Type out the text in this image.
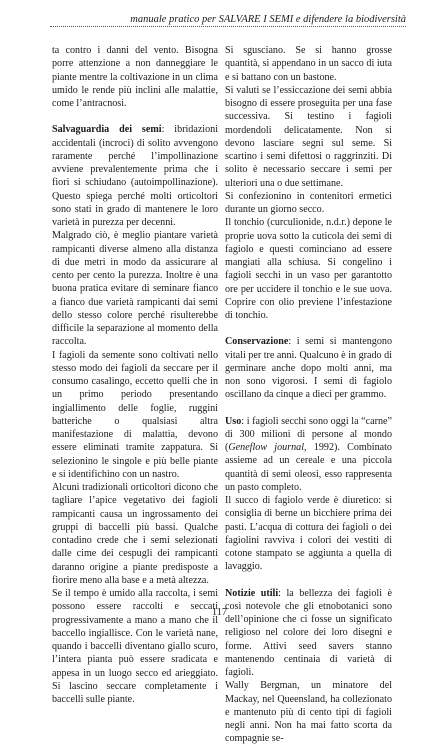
manuale pratico per SALVARE I SEMI e difendere la biodiversità

ta contro i danni del vento. Bisogna porre attenzione a non danneggiare le piante mentre la coltivazione in un clima umido le rende più inclini alle malattie, come l’antracnosi.

Salvaguardia dei semi: ibridazioni accidentali (incroci) di solito avvengono raramente perché l’impollinazione avviene prevalentemente prima che i fiori si schiudano (autoimpollinazione). Questo spiega perché molti orticoltori sono stati in grado di mantenere le loro varietà in purezza per decenni.

Malgrado ciò, è meglio piantare varietà rampicanti diverse almeno alla distanza di due metri in modo da assicurare al cento per cento la purezza. Inoltre è una buona pratica evitare di seminare fianco a fianco due varietà rampicanti dai semi dello stesso colore perché risulterebbe difficile la separazione al momento della raccolta.

I fagioli da semente sono coltivati nello stesso modo dei fagioli da seccare per il consumo casalingo, eccetto quelli che in un primo periodo presentando ingiallimento delle foglie, ruggini batteriche o qualsiasi altra manifestazione di malattia, devono essere eliminati tramite zappatura. Si selezionino le singole e più belle piante e si identifichino con un nastro.

Alcuni tradizionali orticoltori dicono che tagliare l’apice vegetativo dei fagioli rampicanti causa un ingrossamento dei gruppi di baccelli più bassi. Qualche contadino crede che i semi selezionati dalle cime dei cespugli dei rampicanti daranno origine a piante predisposte a fiorire meno alla base e a metà altezza.

Se il tempo è umido alla raccolta, i semi possono essere raccolti e seccati progressivamente a mano a mano che il baccello ingiallisce. Con le varietà nane, quando i baccelli diventano giallo scuro, l’intera pianta può essere sradicata e appesa in un luogo secco ed arieggiato. Si lascino seccare completamente i baccelli sulle piante.

Si sgusciano. Se si hanno grosse quantità, si appendano in un sacco di iuta e si battano con un bastone.

Si valuti se l’essiccazione dei semi abbia bisogno di essere proseguita per una fase successiva. Si testino i fagioli mordendoli delicatamente. Non si devono lasciare segni sul seme. Si scartino i semi difettosi o raggrinziti. Di solito è necessario seccare i semi per ulteriori una o due settimane.

Si confezionino in contenitori ermetici durante un giorno secco.

Il tonchio (curculionide, n.d.r.) depone le proprie uova sotto la cuticola dei semi di fagiolo e questi cominciano ad essere mangiati alla schiusa. Si congelino i fagioli secchi in un vaso per garantotto ore per uccidere il tonchio e le sue uova. Coprire con olio previene l’infestazione di tonchio.

Conservazione: i semi si mantengono vitali per tre anni. Qualcuno è in grado di germinare anche dopo molti anni, ma non sono vigorosi. I semi di fagiolo oscillano da cinque a dieci per grammo.

Uso: i fagioli secchi sono oggi la “carne” di 300 milioni di persone al mondo (Geneflow journal, 1992). Combinato assieme ad un cereale e una piccola quantità di semi oleosi, esso rappresenta un pasto completo.

Il succo di fagiolo verde è diuretico: si consiglia di berne un bicchiere prima dei pasti. L’acqua di cottura dei fagioli o dei fagiolini ravviva i colori dei vestiti di cotone stampato se aggiunta a quella di lavaggio.

Notizie utili: la bellezza dei fagioli è così notevole che gli etnobotanici sono dell’opinione che ci fosse un significato religioso nel colore dei loro disegni e forme. Attivi seed savers stanno mantenendo centinaia di varietà di fagioli.

Wally Bergman, un minatore del Mackay, nel Queensland, ha collezionato e mantenuto più di cento tipi di fagioli negli anni. Non ha mai fatto scorta da compagnie se-

117
